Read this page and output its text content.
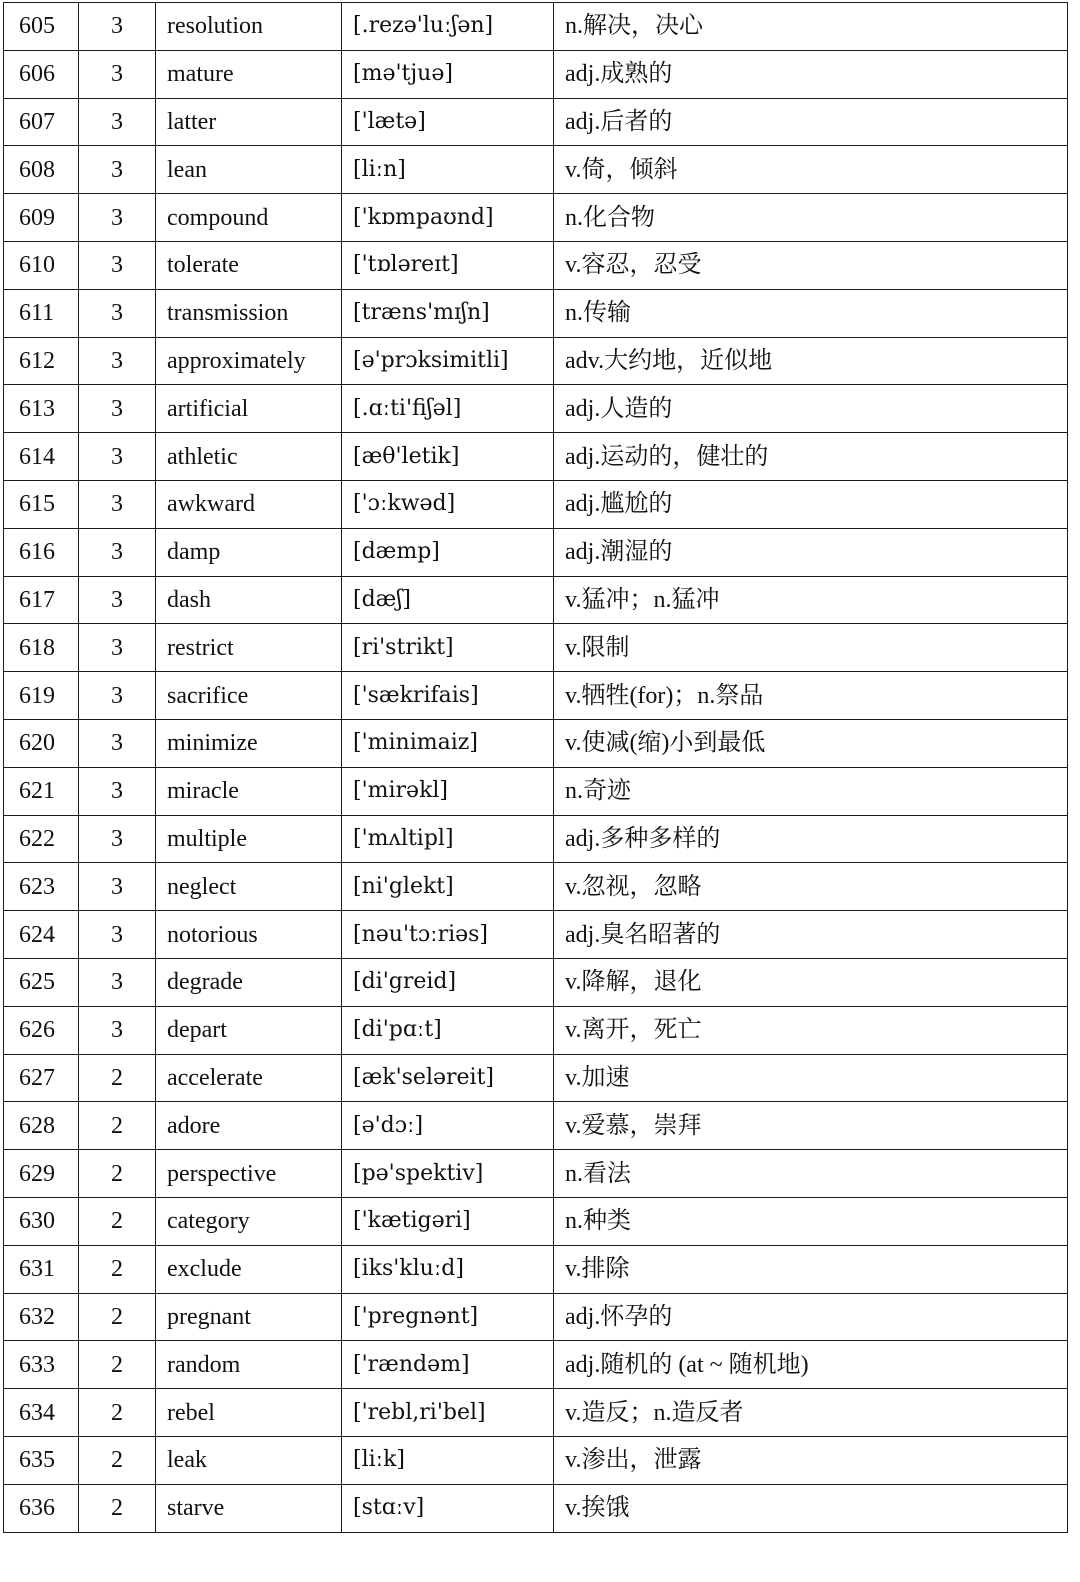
605	3	resolution	[.rezə'luːʃən]	n.解决，决心
606	3	mature	[mə'tjuə]	adj.成熟的
607	3	latter	['lætə]	adj.后者的
608	3	lean	[liːn]	v.倚，倾斜
609	3	compound	['kɒmpaʊnd]	n.化合物
610	3	tolerate	['tɒləreɪt]	v.容忍，忍受
611	3	transmission	[træns'mɪʃn]	n.传输
612	3	approximately	[ə'prɔksimitli]	adv.大约地，近似地
613	3	artificial	[.ɑːti'fiʃəl]	adj.人造的
614	3	athletic	[æθ'letik]	adj.运动的，健壮的
615	3	awkward	['ɔːkwəd]	adj.尴尬的
616	3	damp	[dæmp]	adj.潮湿的
617	3	dash	[dæʃ]	v.猛冲；n.猛冲
618	3	restrict	[ri'strikt]	v.限制
619	3	sacrifice	['sækrifais]	v.牺牲(for)；n.祭品
620	3	minimize	['minimaiz]	v.使减(缩)小到最低
621	3	miracle	['mirəkl]	n.奇迹
622	3	multiple	['mʌltipl]	adj.多种多样的
623	3	neglect	[ni'glekt]	v.忽视，忽略
624	3	notorious	[nəu'tɔːriəs]	adj.臭名昭著的
625	3	degrade	[di'greid]	v.降解，退化
626	3	depart	[di'pɑːt]	v.离开，死亡
627	2	accelerate	[æk'seləreit]	v.加速
628	2	adore	[ə'dɔː]	v.爱慕，崇拜
629	2	perspective	[pə'spektiv]	n.看法
630	2	category	['kætigəri]	n.种类
631	2	exclude	[iks'kluːd]	v.排除
632	2	pregnant	['pregnənt]	adj.怀孕的
633	2	random	['rændəm]	adj.随机的 (at ~ 随机地)
634	2	rebel	['rebl,ri'bel]	v.造反；n.造反者
635	2	leak	[liːk]	v.渗出，泄露
636	2	starve	[stɑːv]	v.挨饿
